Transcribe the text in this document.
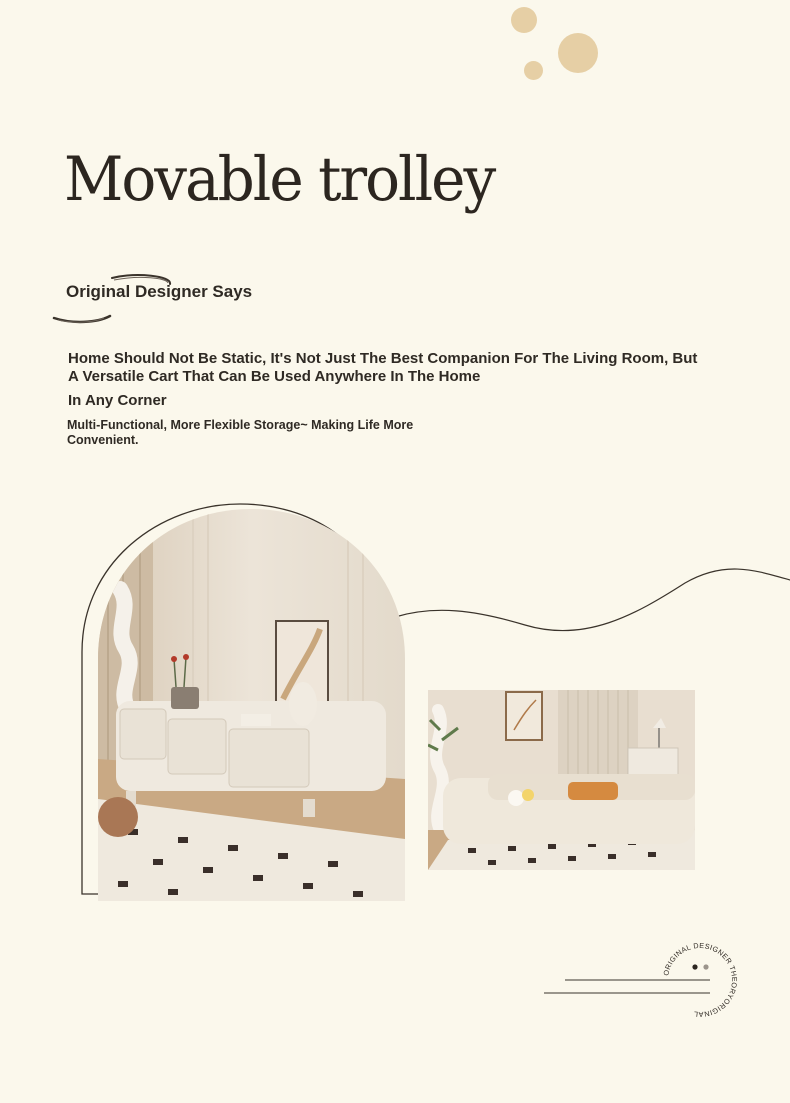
Movable trolley
Original Designer Says
Home Should Not Be Static, It's Not Just The Best Companion For The Living Room, But A Versatile Cart That Can Be Used Anywhere In The Home
In Any Corner
Multi-Functional, More Flexible Storage~ Making Life More Convenient.
ORIGINAL DESIGNER THEORYORIGINAL
